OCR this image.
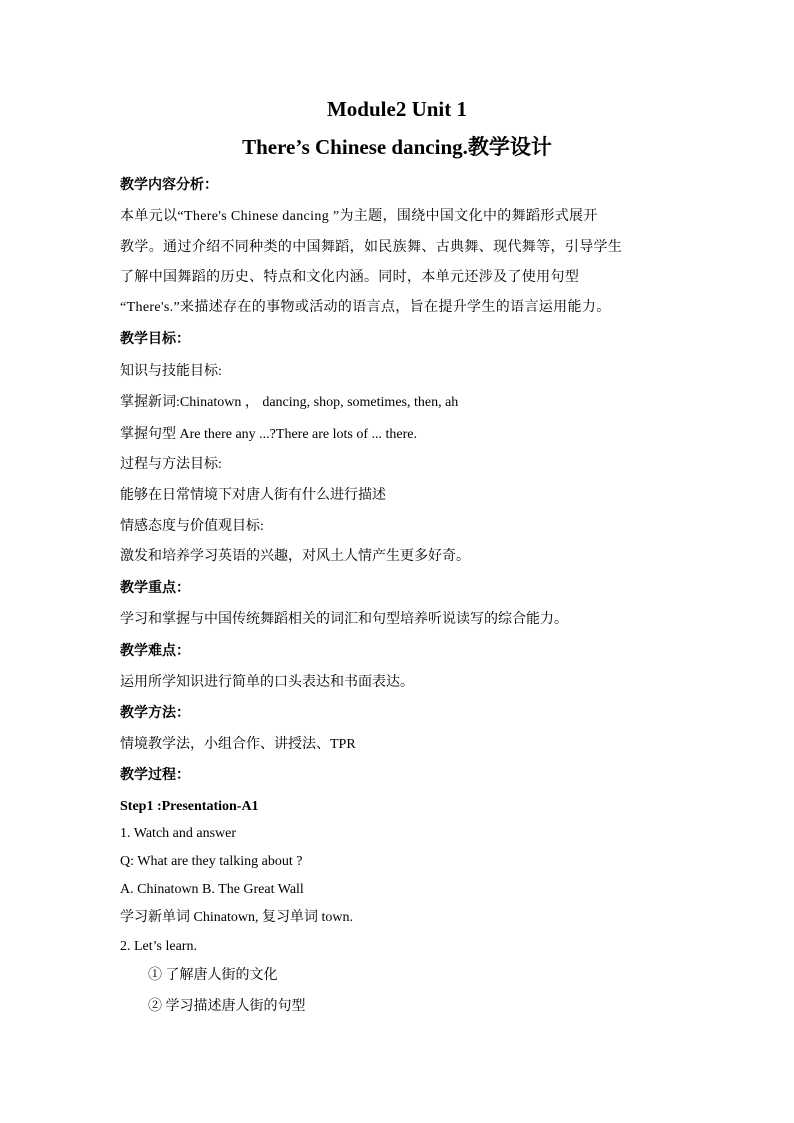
Module2 Unit 1
There’s Chinese dancing.教学设计
教学内容分析：
本单元以“There's Chinese dancing ”为主题，围绕中国文化中的舞蹈形式展开
教学。通过介绍不同种类的中国舞蹈，如民族舞、古典舞、现代舞等，引导学生
了解中国舞蹈的历史、特点和文化内涵。同时，本单元还涉及了使用句型
“There's.”来描述存在的事物或活动的语言点，旨在提升学生的语言运用能力。
教学目标：
知识与技能目标:
掌握新词:Chinatown ， dancing, shop, sometimes, then, ah
掌握句型 Are there any ...?There are lots of ... there.
过程与方法目标:
能够在日常情境下对唐人街有什么进行描述
情感态度与价值观目标:
激发和培养学习英语的兴趣，对风土人情产生更多好奇。
教学重点：
学习和掌握与中国传统舞蹈相关的词汇和句型培养听说读写的综合能力。
教学难点：
运用所学知识进行简单的口头表达和书面表达。
教学方法：
情境教学法，小组合作、讲授法、TPR
教学过程：
Step1 :Presentation-A1
1. Watch and answer
Q: What are they talking about ?
A. Chinatown B. The Great Wall
学习新单词 Chinatown, 复习单词 town.
2. Let’s learn.
① 了解唐人街的文化
② 学习描述唐人街的句型
